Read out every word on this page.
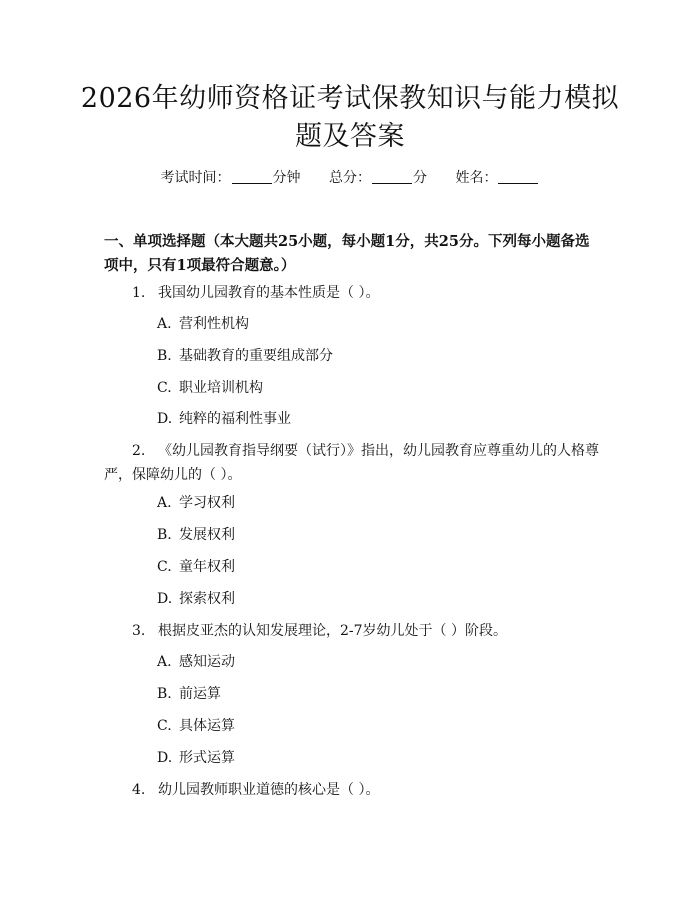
2026年幼师资格证考试保教知识与能力模拟题及答案
考试时间：	分钟 总分：	分 姓名：
一、单项选择题（本大题共25小题，每小题1分，共25分。下列每小题备选项中，只有1项最符合题意。）
1. 我国幼儿园教育的基本性质是（ ）。
A. 营利性机构
B. 基础教育的重要组成部分
C. 职业培训机构
D. 纯粹的福利性事业
2. 《幼儿园教育指导纲要（试行）》指出，幼儿园教育应尊重幼儿的人格尊严，保障幼儿的（ ）。
A. 学习权利
B. 发展权利
C. 童年权利
D. 探索权利
3. 根据皮亚杰的认知发展理论，2-7岁幼儿处于（ ）阶段。
A. 感知运动
B. 前运算
C. 具体运算
D. 形式运算
4. 幼儿园教师职业道德的核心是（ ）。
